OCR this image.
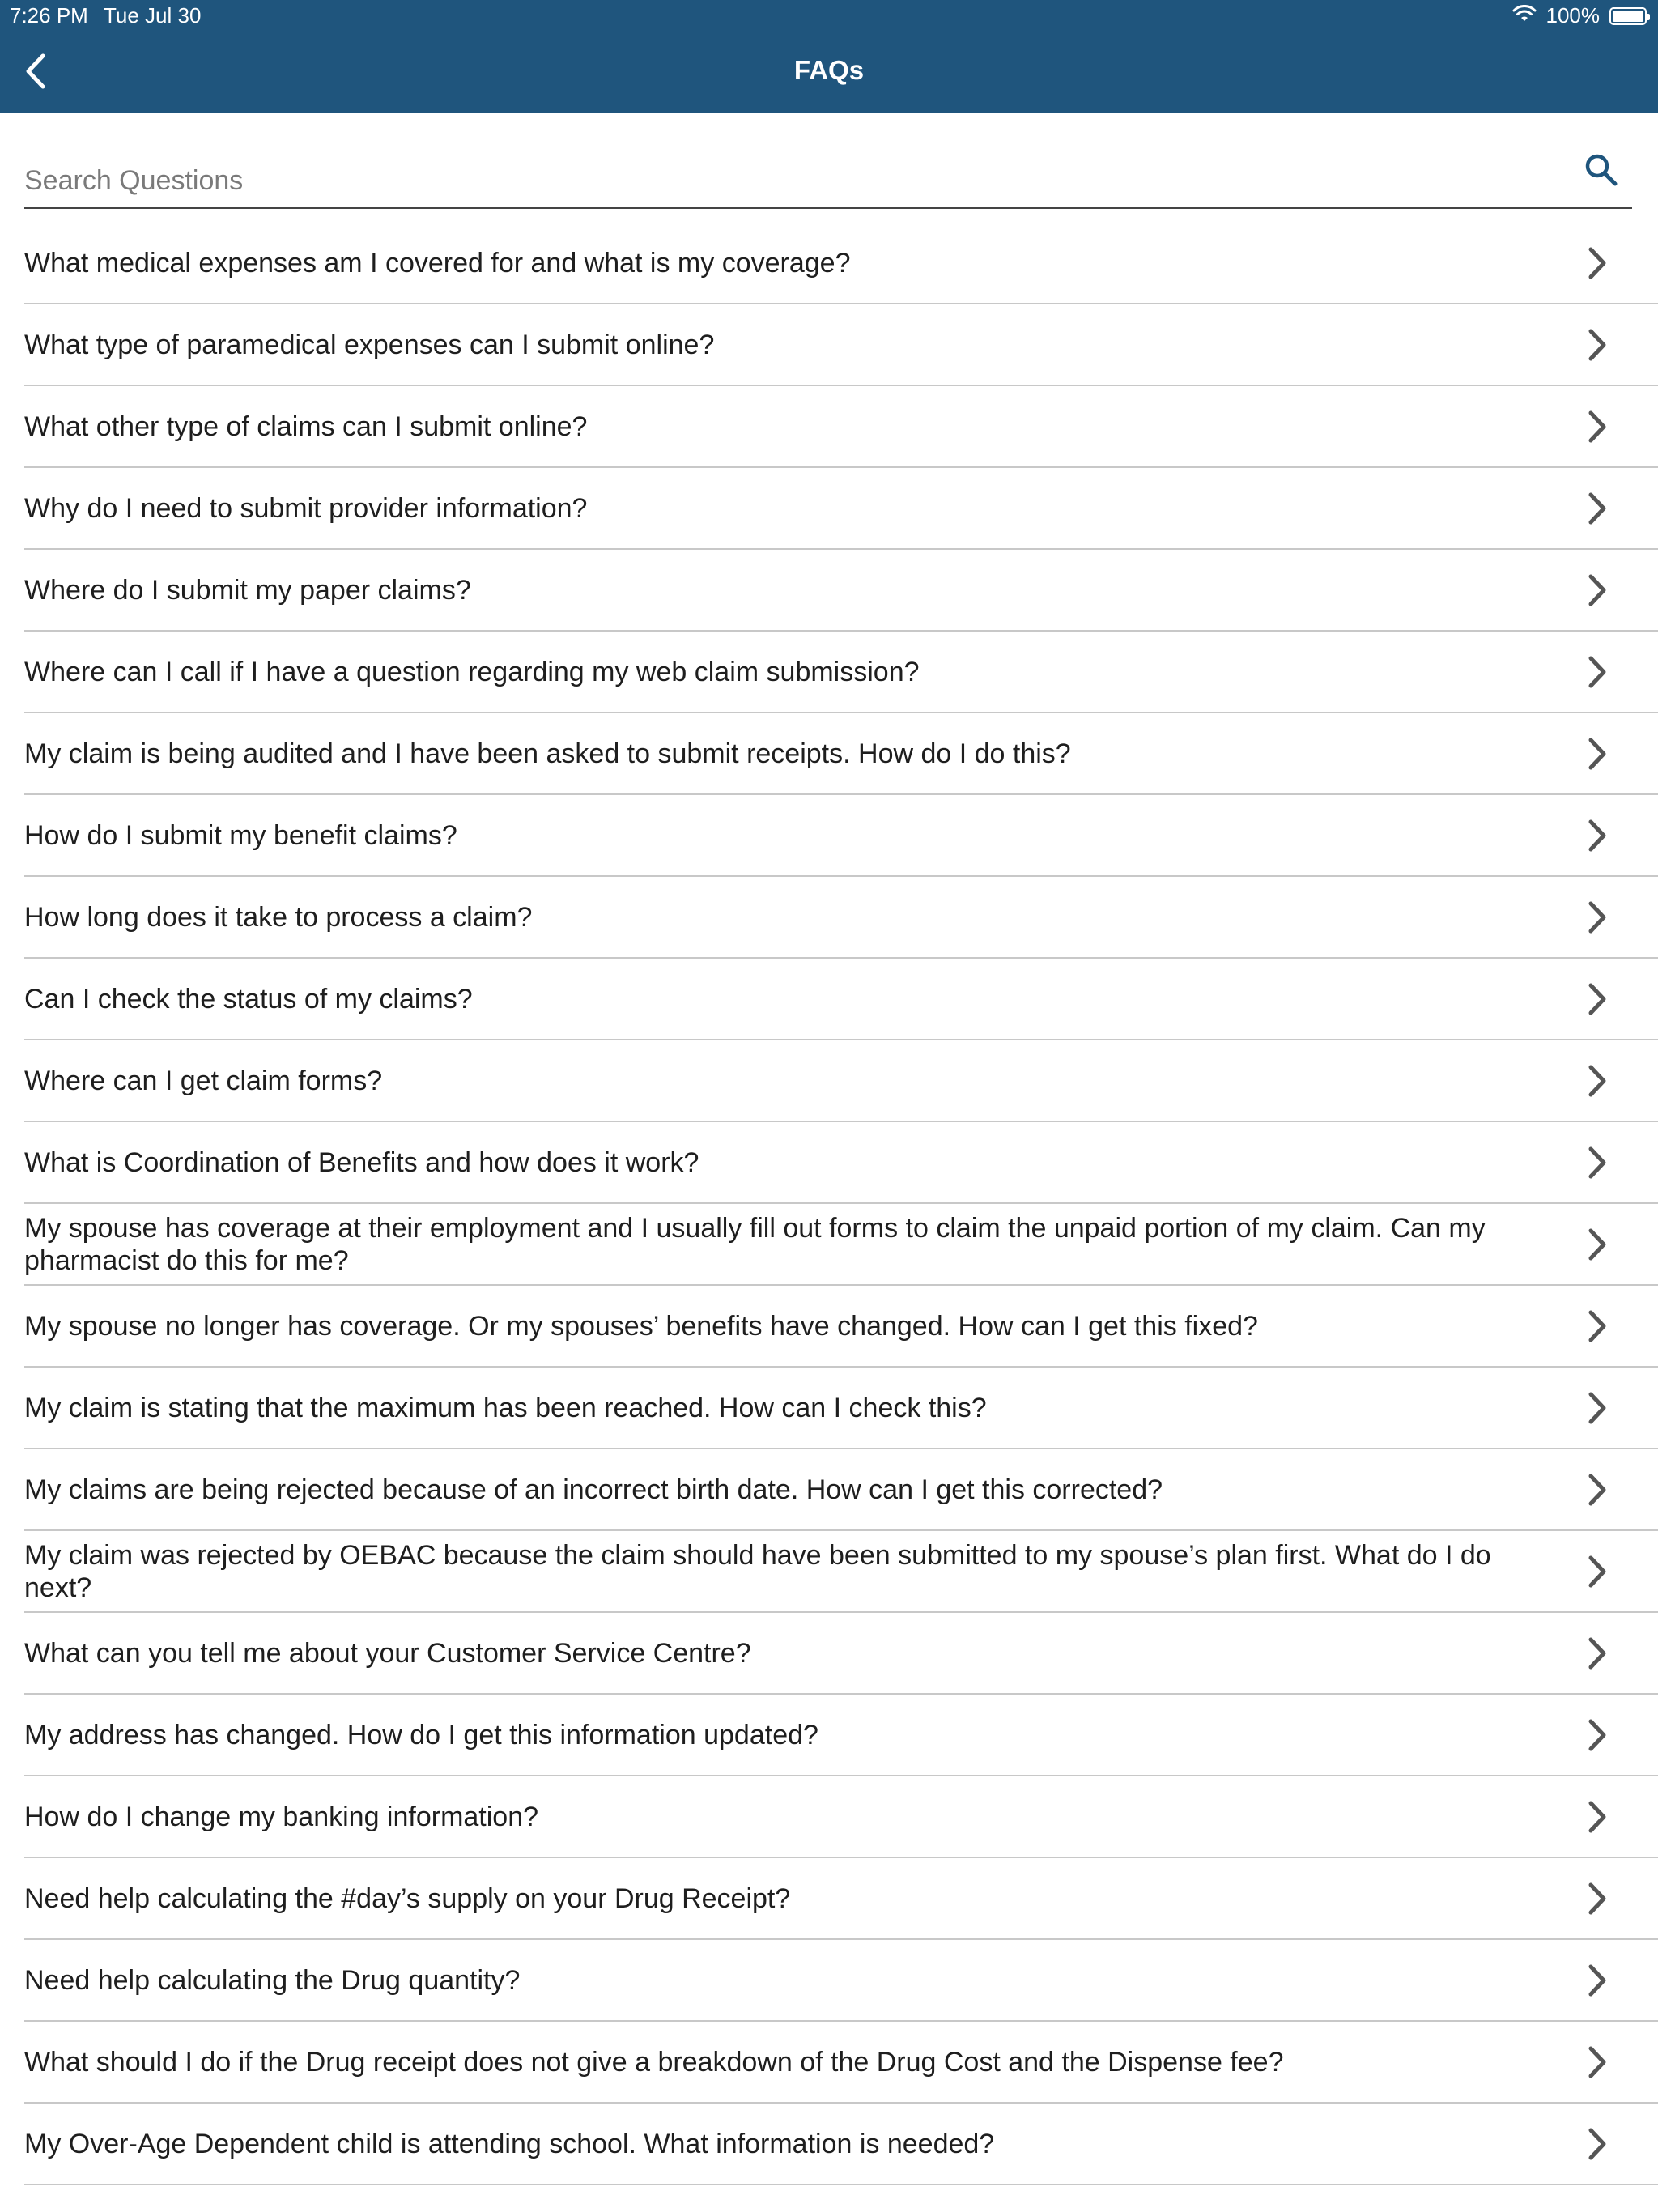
7:26 PM Tue Jul 30	100%
FAQs
Search Questions
What medical expenses am I covered for and what is my coverage?
What type of paramedical expenses can I submit online?
What other type of claims can I submit online?
Why do I need to submit provider information?
Where do I submit my paper claims?
Where can I call if I have a question regarding my web claim submission?
My claim is being audited and I have been asked to submit receipts. How do I do this?
How do I submit my benefit claims?
How long does it take to process a claim?
Can I check the status of my claims?
Where can I get claim forms?
What is Coordination of Benefits and how does it work?
My spouse has coverage at their employment and I usually fill out forms to claim the unpaid portion of my claim. Can my pharmacist do this for me?
My spouse no longer has coverage. Or my spouses’ benefits have changed. How can I get this fixed?
My claim is stating that the maximum has been reached. How can I check this?
My claims are being rejected because of an incorrect birth date. How can I get this corrected?
My claim was rejected by OEBAC because the claim should have been submitted to my spouse’s plan first. What do I do next?
What can you tell me about your Customer Service Centre?
My address has changed. How do I get this information updated?
How do I change my banking information?
Need help calculating the #day’s supply on your Drug Receipt?
Need help calculating the Drug quantity?
What should I do if the Drug receipt does not give a breakdown of the Drug Cost and the Dispense fee?
My Over-Age Dependent child is attending school. What information is needed?
